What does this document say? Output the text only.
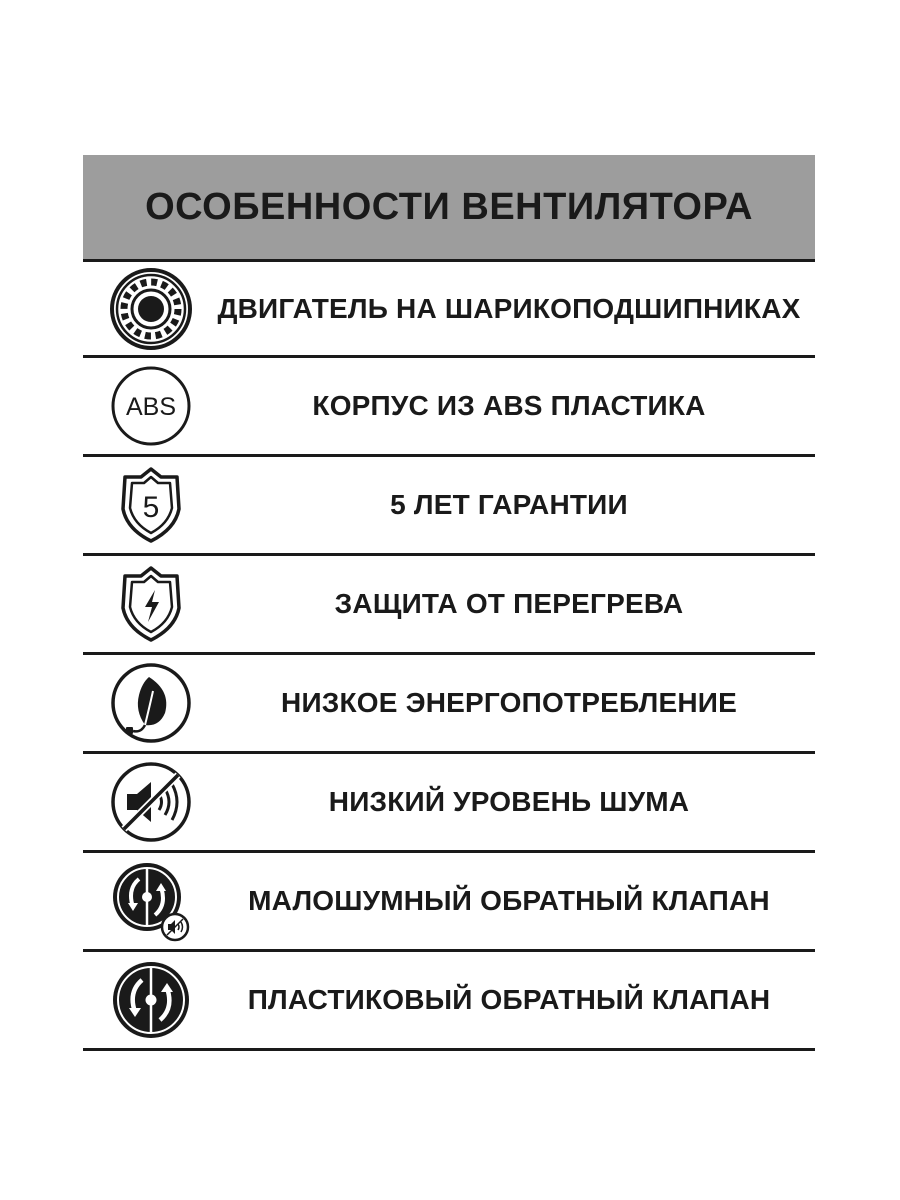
ОСОБЕННОСТИ ВЕНТИЛЯТОРА
ДВИГАТЕЛЬ НА ШАРИКОПОДШИПНИКАХ
ABS	КОРПУС ИЗ ABS ПЛАСТИКА
5	5 ЛЕТ ГАРАНТИИ
ЗАЩИТА ОТ ПЕРЕГРЕВА
НИЗКОЕ ЭНЕРГОПОТРЕБЛЕНИЕ
НИЗКИЙ УРОВЕНЬ ШУМА
МАЛОШУМНЫЙ ОБРАТНЫЙ КЛАПАН
ПЛАСТИКОВЫЙ ОБРАТНЫЙ КЛАПАН
